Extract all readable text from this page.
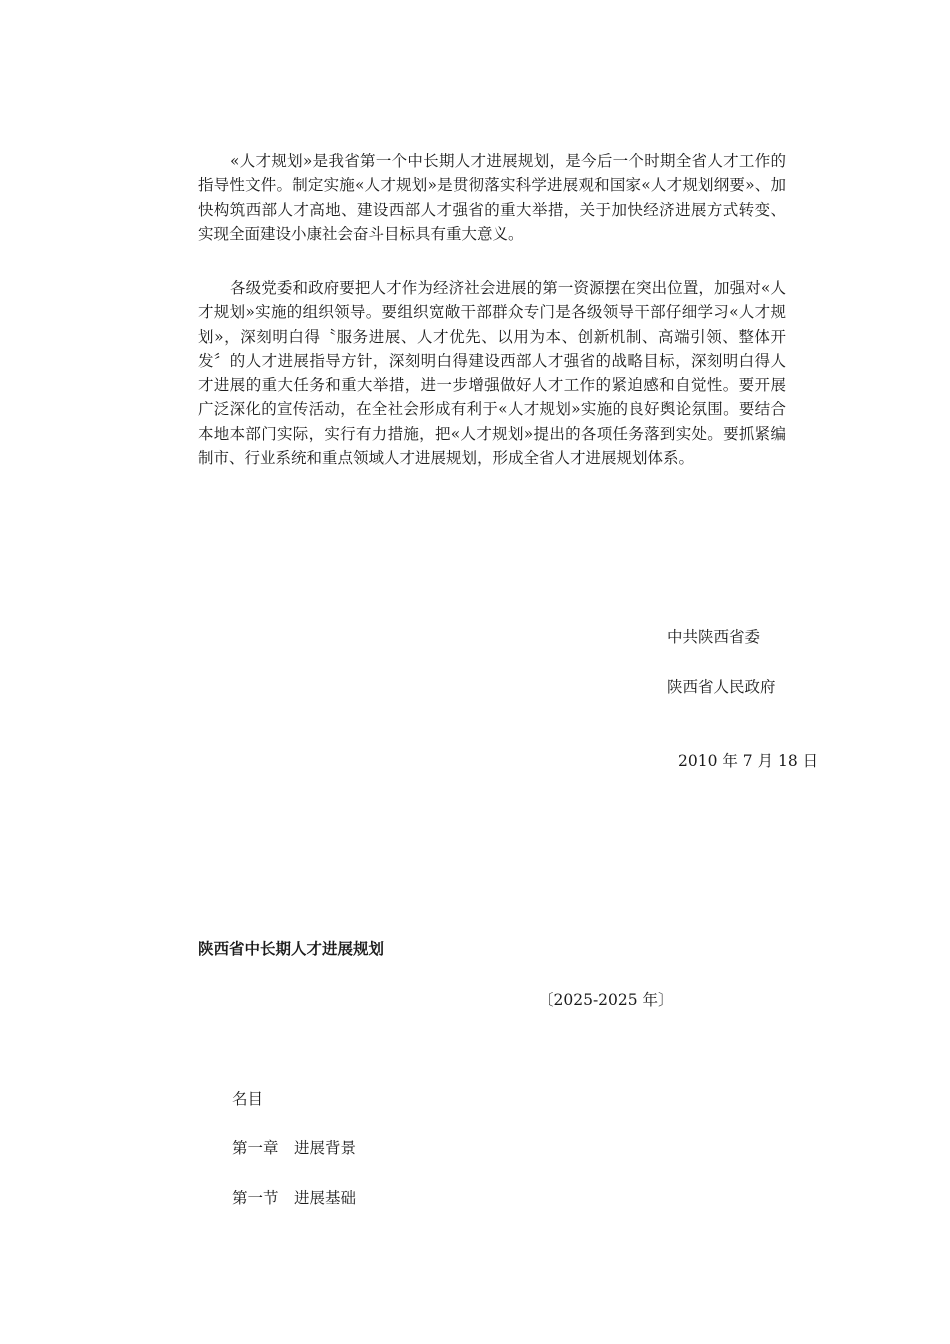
«人才规划»是我省第一个中长期人才进展规划，是今后一个时期全省人才工作的指导性文件。制定实施«人才规划»是贯彻落实科学进展观和国家«人才规划纲要»、加快构筑西部人才高地、建设西部人才强省的重大举措，关于加快经济进展方式转变、实现全面建设小康社会奋斗目标具有重大意义。

各级党委和政府要把人才作为经济社会进展的第一资源摆在突出位置，加强对«人才规划»实施的组织领导。要组织宽敞干部群众专门是各级领导干部仔细学习«人才规划»，深刻明白得〝服务进展、人才优先、以用为本、创新机制、高端引领、整体开发〞的人才进展指导方针，深刻明白得建设西部人才强省的战略目标，深刻明白得人才进展的重大任务和重大举措，进一步增强做好人才工作的紧迫感和自觉性。要开展广泛深化的宣传活动，在全社会形成有利于«人才规划»实施的良好舆论氛围。要结合本地本部门实际，实行有力措施，把«人才规划»提出的各项任务落到实处。要抓紧编制市、行业系统和重点领域人才进展规划，形成全省人才进展规划体系。

中共陕西省委

陕西省人民政府

2010 年 7 月 18 日

陕西省中长期人才进展规划

〔2025-2025 年〕

名目

第一章　进展背景

第一节　进展基础
